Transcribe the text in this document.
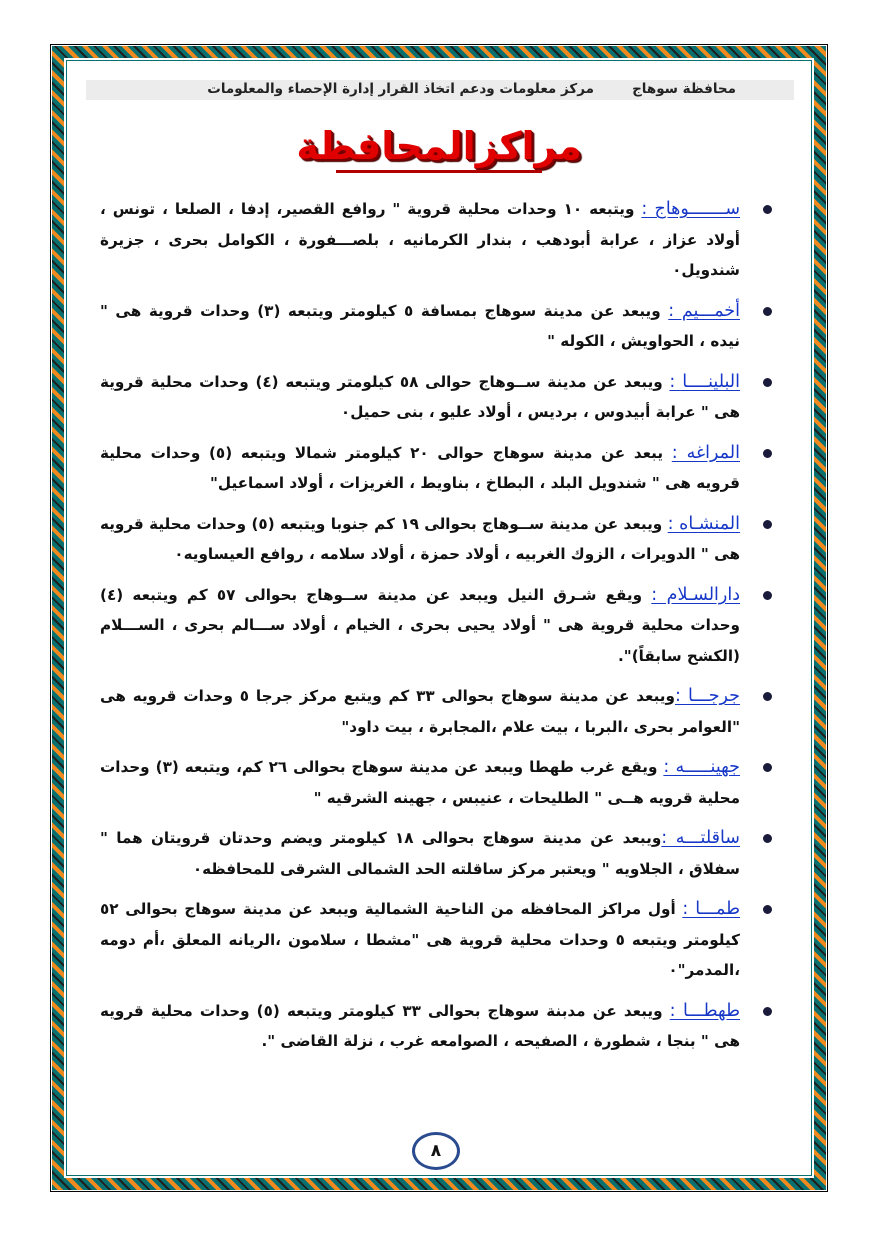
محافظة سوهاج
مركز معلومات ودعم اتخاذ القرار
إدارة الإحصاء والمعلومات
مراكزالمحافظة
ســـــــوهاج : ويتبعه ١٠ وحدات محلية قروية " روافع القصير، إدفا ، الصلعا ، تونس ، أولاد عزاز ، عرابة أبودهب ، بندار الكرمانيه ، بلصـــفورة ، الكوامل بحرى ، جزيرة شندويل٠
أخمـــيم : ويبعد عن مدينة سوهاج بمسافة ٥ كيلومتر ويتبعه (٣) وحدات قروية هى " نيده ، الحواويش ، الكوله "
البلينــــا : ويبعد عن مدينة ســوهاج حوالى ٥٨ كيلومتر ويتبعه (٤) وحدات محلية قروية هى " عرابة أبيدوس ، برديس ، أولاد عليو ، بنى حميل٠
المراغه : يبعد عن مدينة سوهاج حوالى ٢٠ كيلومتر شمالا ويتبعه (٥) وحدات محلية قرويه هى " شندويل البلد ، البطاخ ، بناويط ، الغريزات ، أولاد اسماعيل"
المنشـاه : ويبعد عن مدينة ســوهاج بحوالى ١٩ كم جنوبا ويتبعه (٥) وحدات محلية قرويه هى " الدويرات ، الزوك الغربيه ، أولاد حمزة ، أولاد سلامه ، روافع العيساويه٠
دارالسـلام : ويقع شـرق النيل ويبعد عن مدينة ســوهاج بحوالى ٥٧ كم ويتبعه (٤) وحدات محلية قروية هى " أولاد يحيى بحرى ، الخيام ، أولاد ســـالم بحرى ، الســـلام (الكشح سابقاً)".
جرجـــا :ويبعد عن مدينة سوهاج بحوالى ٣٣ كم ويتبع مركز جرجا ٥ وحدات قرويه هى "العوامر بحرى ،البربا ، بيت علام ،المجابرة ، بيت داود"
جهينـــــه : ويقع غرب طهطا ويبعد عن مدينة سوهاج بحوالى ٢٦ كم، ويتبعه (٣) وحدات محلية قرويه هــى " الطليحات ، عنيبس ، جهينه الشرقيه "
ساقلتـــه :ويبعد عن مدينة سوهاج بحوالى ١٨ كيلومتر ويضم وحدتان قرويتان هما " سفلاق ، الجلاويه " ويعتبر مركز ساقلته الحد الشمالى الشرقى للمحافظه٠
طمـــا : أول مراكز المحافظه من الناحية الشمالية ويبعد عن مدينة سوهاج بحوالى ٥٢ كيلومتر ويتبعه ٥ وحدات محلية قروية هى "مشطا ، سلامون ،الريانه المعلق ،أم دومه ،المدمر"٠
طهطـــا : ويبعد عن مدبنة سوهاج بحوالى ٣٣ كيلومتر ويتبعه (٥) وحدات محلية قرويه هى " بنجا ، شطورة ، الصفيحه ، الصوامعه غرب ، نزلة القاضى ".
٨
